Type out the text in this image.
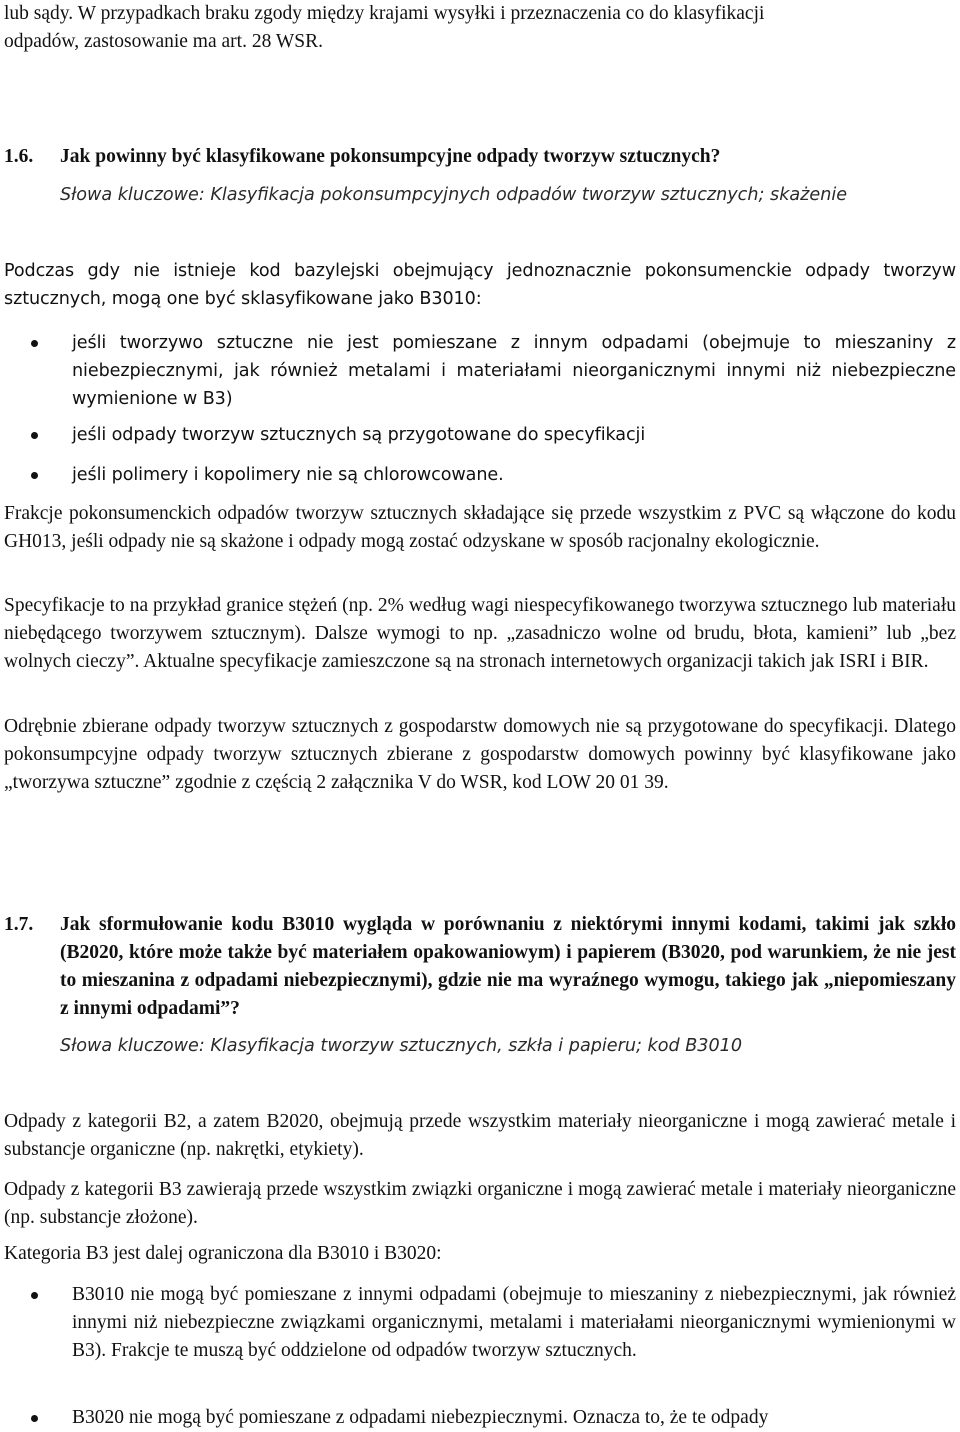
lub sądy. W przypadkach braku zgody między krajami wysyłki i przeznaczenia co do klasyfikacji

odpadów, zastosowanie ma art. 28 WSR.

1.6.	Jak powinny być klasyfikowane pokonsumpcyjne odpady tworzyw sztucznych?

Słowa kluczowe: Klasyfikacja pokonsumpcyjnych odpadów tworzyw sztucznych; skażenie

Podczas gdy nie istnieje kod bazylejski obejmujący jednoznacznie pokonsumenckie odpady tworzyw sztucznych, mogą one być sklasyfikowane jako B3010:

jeśli tworzywo sztuczne nie jest pomieszane z innym odpadami (obejmuje to mieszaniny z niebezpiecznymi, jak również metalami i materiałami nieorganicznymi innymi niż niebezpieczne wymienione w B3)
jeśli odpady tworzyw sztucznych są przygotowane do specyfikacji
jeśli polimery i kopolimery nie są chlorowcowane.

Frakcje pokonsumenckich odpadów tworzyw sztucznych składające się przede wszystkim z PVC są włączone do kodu GH013, jeśli odpady nie są skażone i odpady mogą zostać odzyskane w sposób racjonalny ekologicznie.

Specyfikacje to na przykład granice stężeń (np. 2% według wagi niespecyfikowanego tworzywa sztucznego lub materiału niebędącego tworzywem sztucznym). Dalsze wymogi to np. „zasadniczo wolne od brudu, błota, kamieni” lub „bez wolnych cieczy”. Aktualne specyfikacje zamieszczone są na stronach internetowych organizacji takich jak ISRI i BIR.

Odrębnie zbierane odpady tworzyw sztucznych z gospodarstw domowych nie są przygotowane do specyfikacji. Dlatego pokonsumpcyjne odpady tworzyw sztucznych zbierane z gospodarstw domowych powinny być klasyfikowane jako „tworzywa sztuczne” zgodnie z częścią 2 załącznika V do WSR, kod LOW 20 01 39.

1.7.	Jak sformułowanie kodu B3010 wygląda w porównaniu z niektórymi innymi kodami, takimi jak szkło (B2020, które może także być materiałem opakowaniowym) i papierem (B3020, pod warunkiem, że nie jest to mieszanina z odpadami niebezpiecznymi), gdzie nie ma wyraźnego wymogu, takiego jak „niepomieszany z innymi odpadami”?

Słowa kluczowe: Klasyfikacja tworzyw sztucznych, szkła i papieru; kod B3010

Odpady z kategorii B2, a zatem B2020, obejmują przede wszystkim materiały nieorganiczne i mogą zawierać metale i substancje organiczne (np. nakrętki, etykiety).

Odpady z kategorii B3 zawierają przede wszystkim związki organiczne i mogą zawierać metale i materiały nieorganiczne (np. substancje złożone).

Kategoria B3 jest dalej ograniczona dla B3010 i B3020:

B3010 nie mogą być pomieszane z innymi odpadami (obejmuje to mieszaniny z niebezpiecznymi, jak również innymi niż niebezpieczne związkami organicznymi, metalami i materiałami nieorganicznymi wymienionymi w B3). Frakcje te muszą być oddzielone od odpadów tworzyw sztucznych.
B3020 nie mogą być pomieszane z odpadami niebezpiecznymi. Oznacza to, że te odpady
